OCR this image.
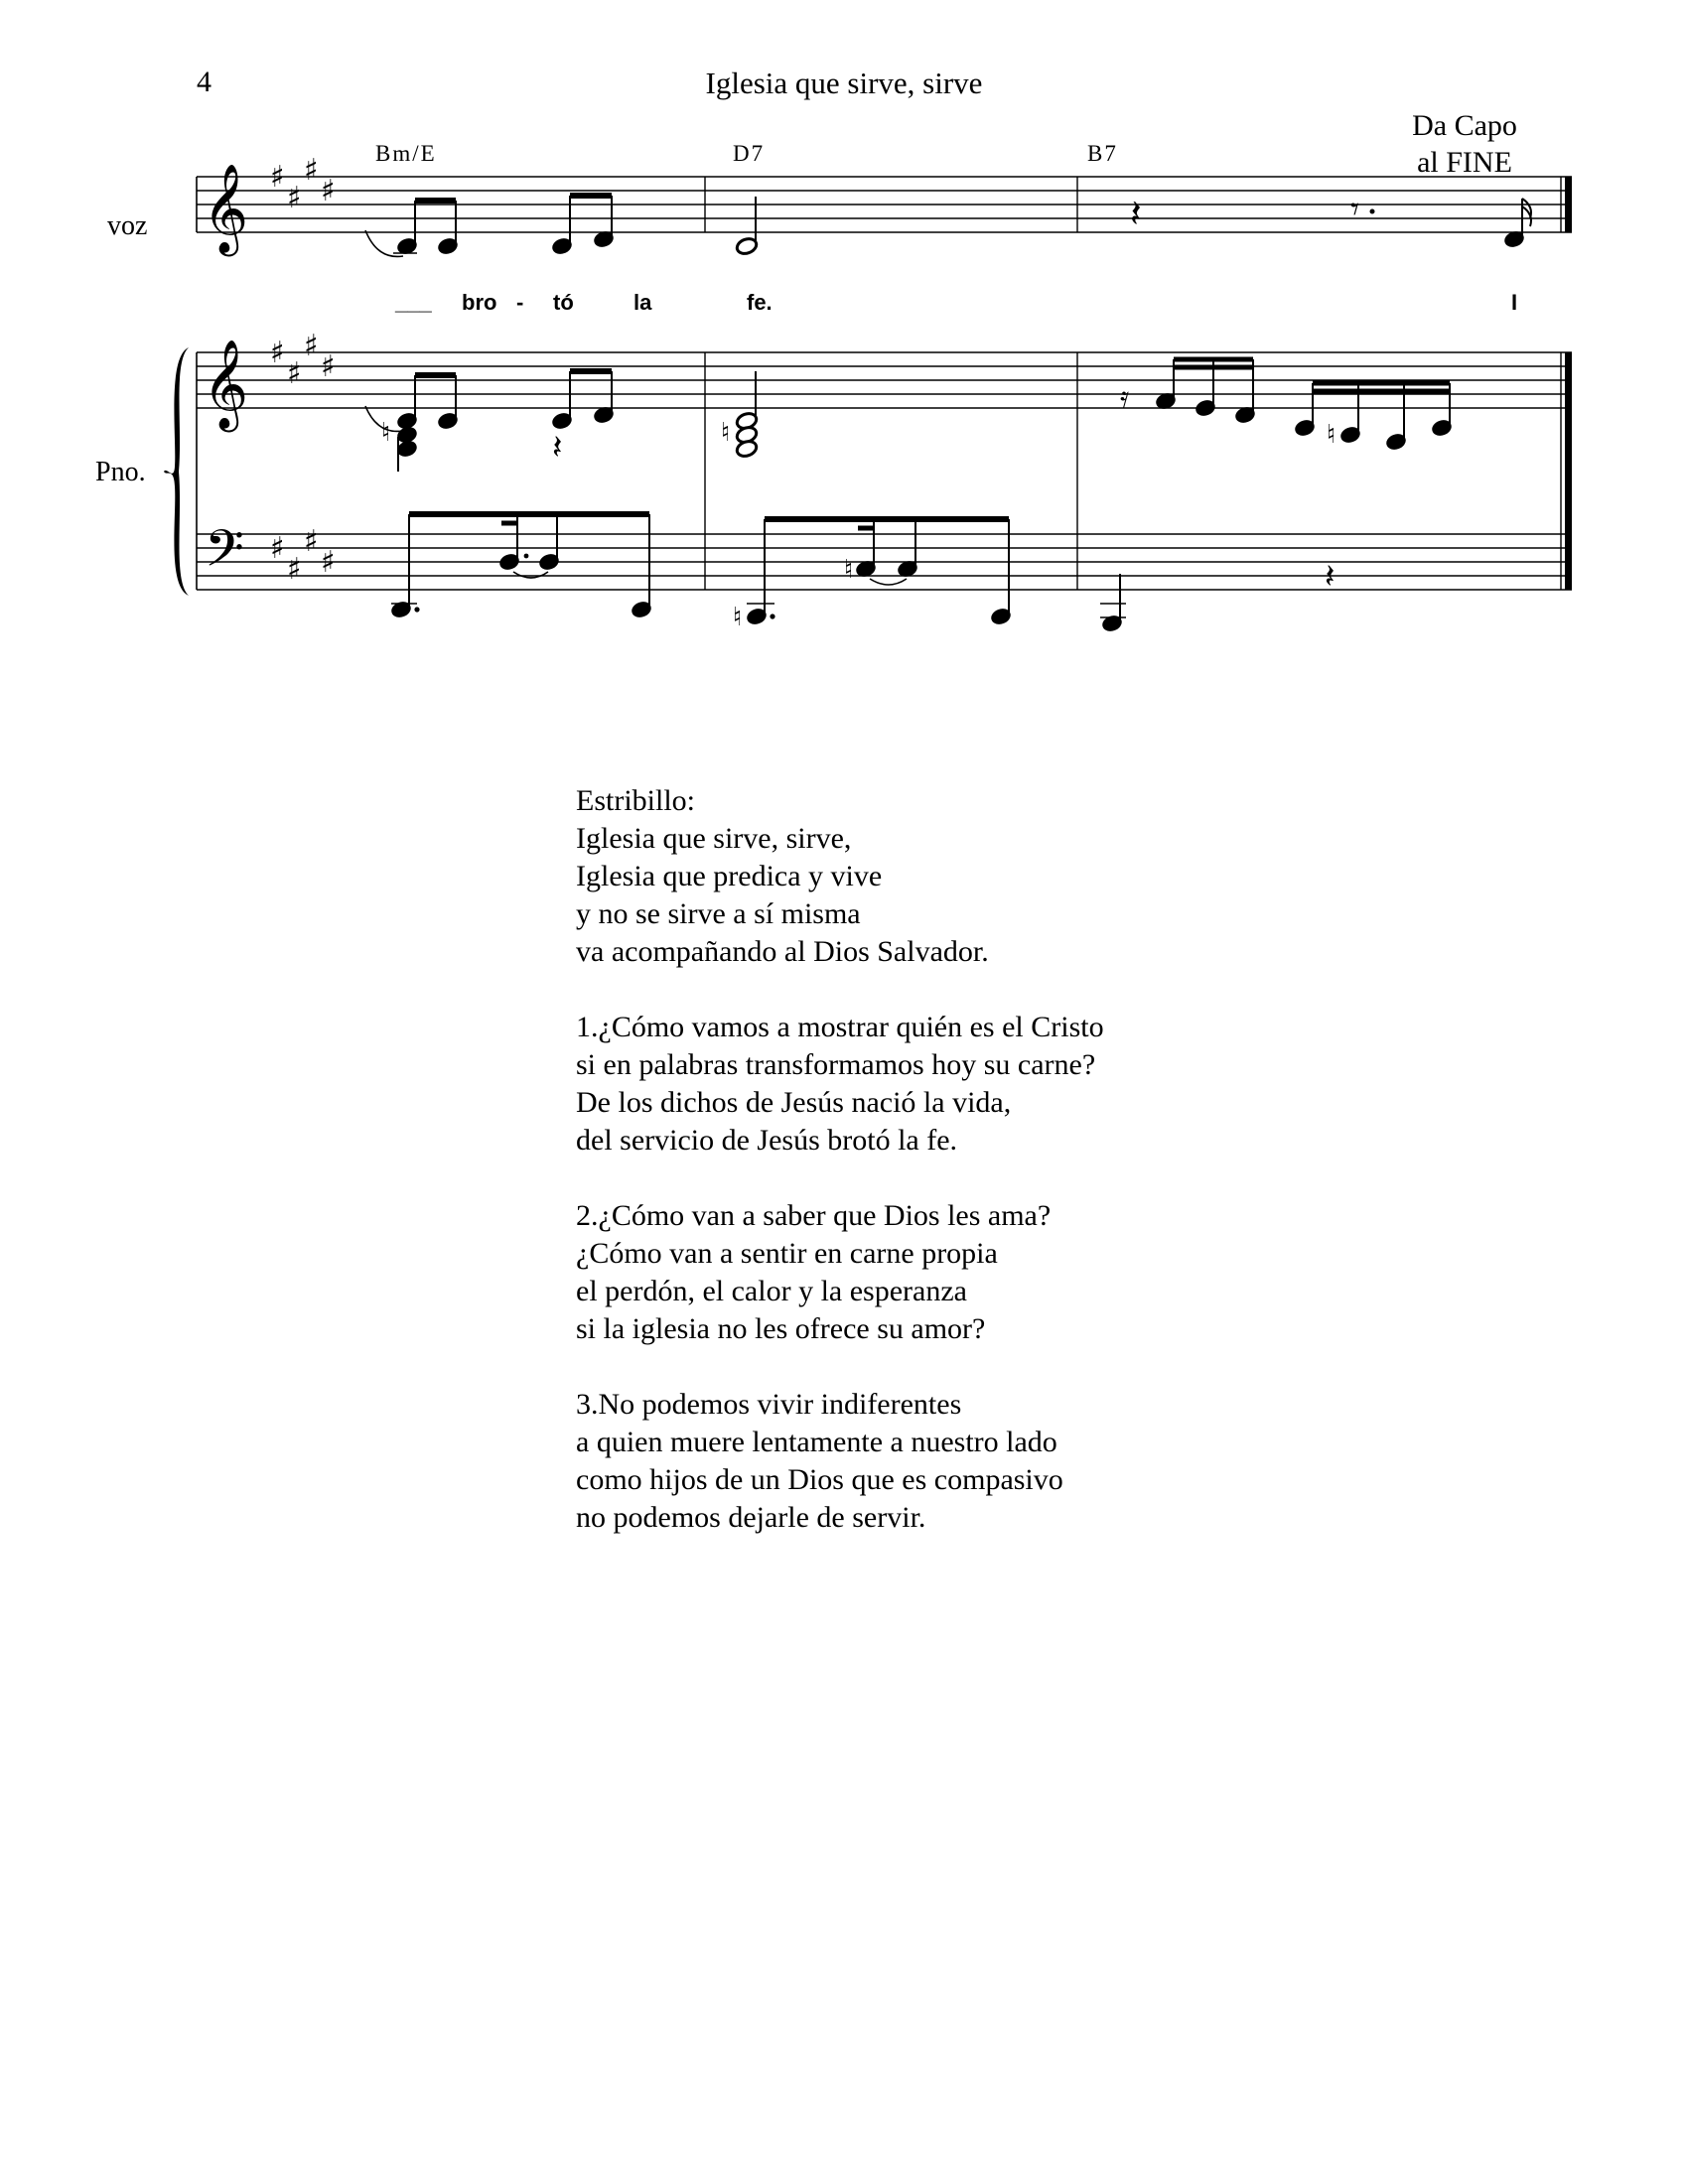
4	Iglesia que sirve, sirve
Da Capo
al FINE
𝄞
𝄞
𝄢
♯
♯
♯
♯
♯
♯
♯
♯
♯
♯
♯
♯
voz
Pno.
Bm/E	D7	B7
𝄽	𝄾
___ bro - tó	la	fe.	I
♮	𝄽	♮
𝄿
♮
♮
♮	𝄽
Estribillo:
Iglesia que sirve, sirve,
Iglesia que predica y vive
y no se sirve a sí misma
va acompañando al Dios Salvador.
1.¿Cómo vamos a mostrar quién es el Cristo
si en palabras transformamos hoy su carne?
De los dichos de Jesús nació la vida,
del servicio de Jesús brotó la fe.
2.¿Cómo van a saber que Dios les ama?
¿Cómo van a sentir en carne propia
el perdón, el calor y la esperanza
si la iglesia no les ofrece su amor?
3.No podemos vivir indiferentes
a quien muere lentamente a nuestro lado
como hijos de un Dios que es compasivo
no podemos dejarle de servir.
